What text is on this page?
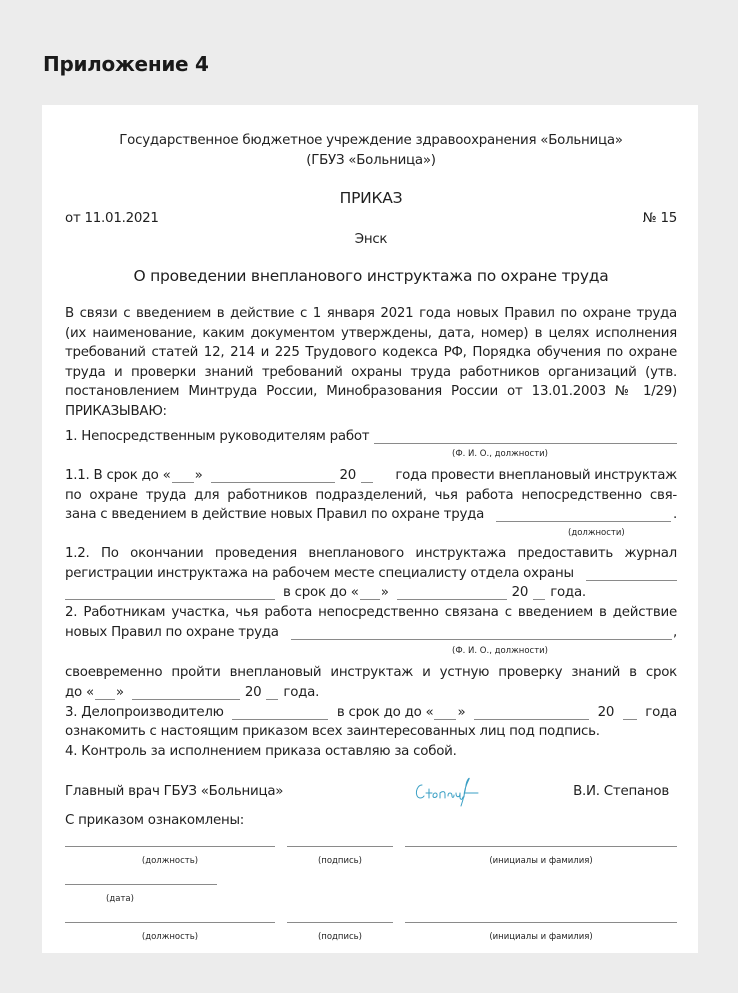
Приложение 4
Государственное бюджетное учреждение здравоохранения «Больница»
(ГБУЗ «Больница»)
ПРИКАЗ
от 11.01.2021	№ 15
Энск
О проведении внепланового инструктажа по охране труда
В связи с введением в действие с 1 января 2021 года новых Правил по охране труда
(их наименование, каким документом утверждены, дата, номер) в целях исполнения
требований статей 12, 214 и 225 Трудового кодекса РФ, Порядка обучения по охране
труда и проверки знаний требований охраны труда работников организаций (утв.
постановлением Минтруда России, Минобразования России от 13.01.2003 № 1/29)
ПРИКАЗЫВАЮ:
1. Непосредственным руководителям работ
(Ф. И. О., должности)
1.1. В срок до « »	20	года провести внеплановый инструктаж
по охране труда для работников подразделений, чья работа непосредственно свя-
зана с введением в действие новых Правил по охране труда	.
(должности)
1.2. По окончании проведения внепланового инструктажа предоставить журнал
регистрации инструктажа на рабочем месте специалисту отдела охраны
в срок до « »	20 года.
2. Работникам участка, чья работа непосредственно связана с введением в действие
новых Правил по охране труда	,
(Ф. И. О., должности)
своевременно пройти внеплановый инструктаж и устную проверку знаний в срок
до « »	20 года.
3. Делопроизводителю	в срок до до « »	20 года
ознакомить с настоящим приказом всех заинтересованных лиц под подпись.
4. Контроль за исполнением приказа оставляю за собой.
Главный врач ГБУЗ «Больница»	В.И. Степанов
С приказом ознакомлены:
(должность)	(подпись)	(инициалы и фамилия)
(дата)
(должность)	(подпись)	(инициалы и фамилия)
